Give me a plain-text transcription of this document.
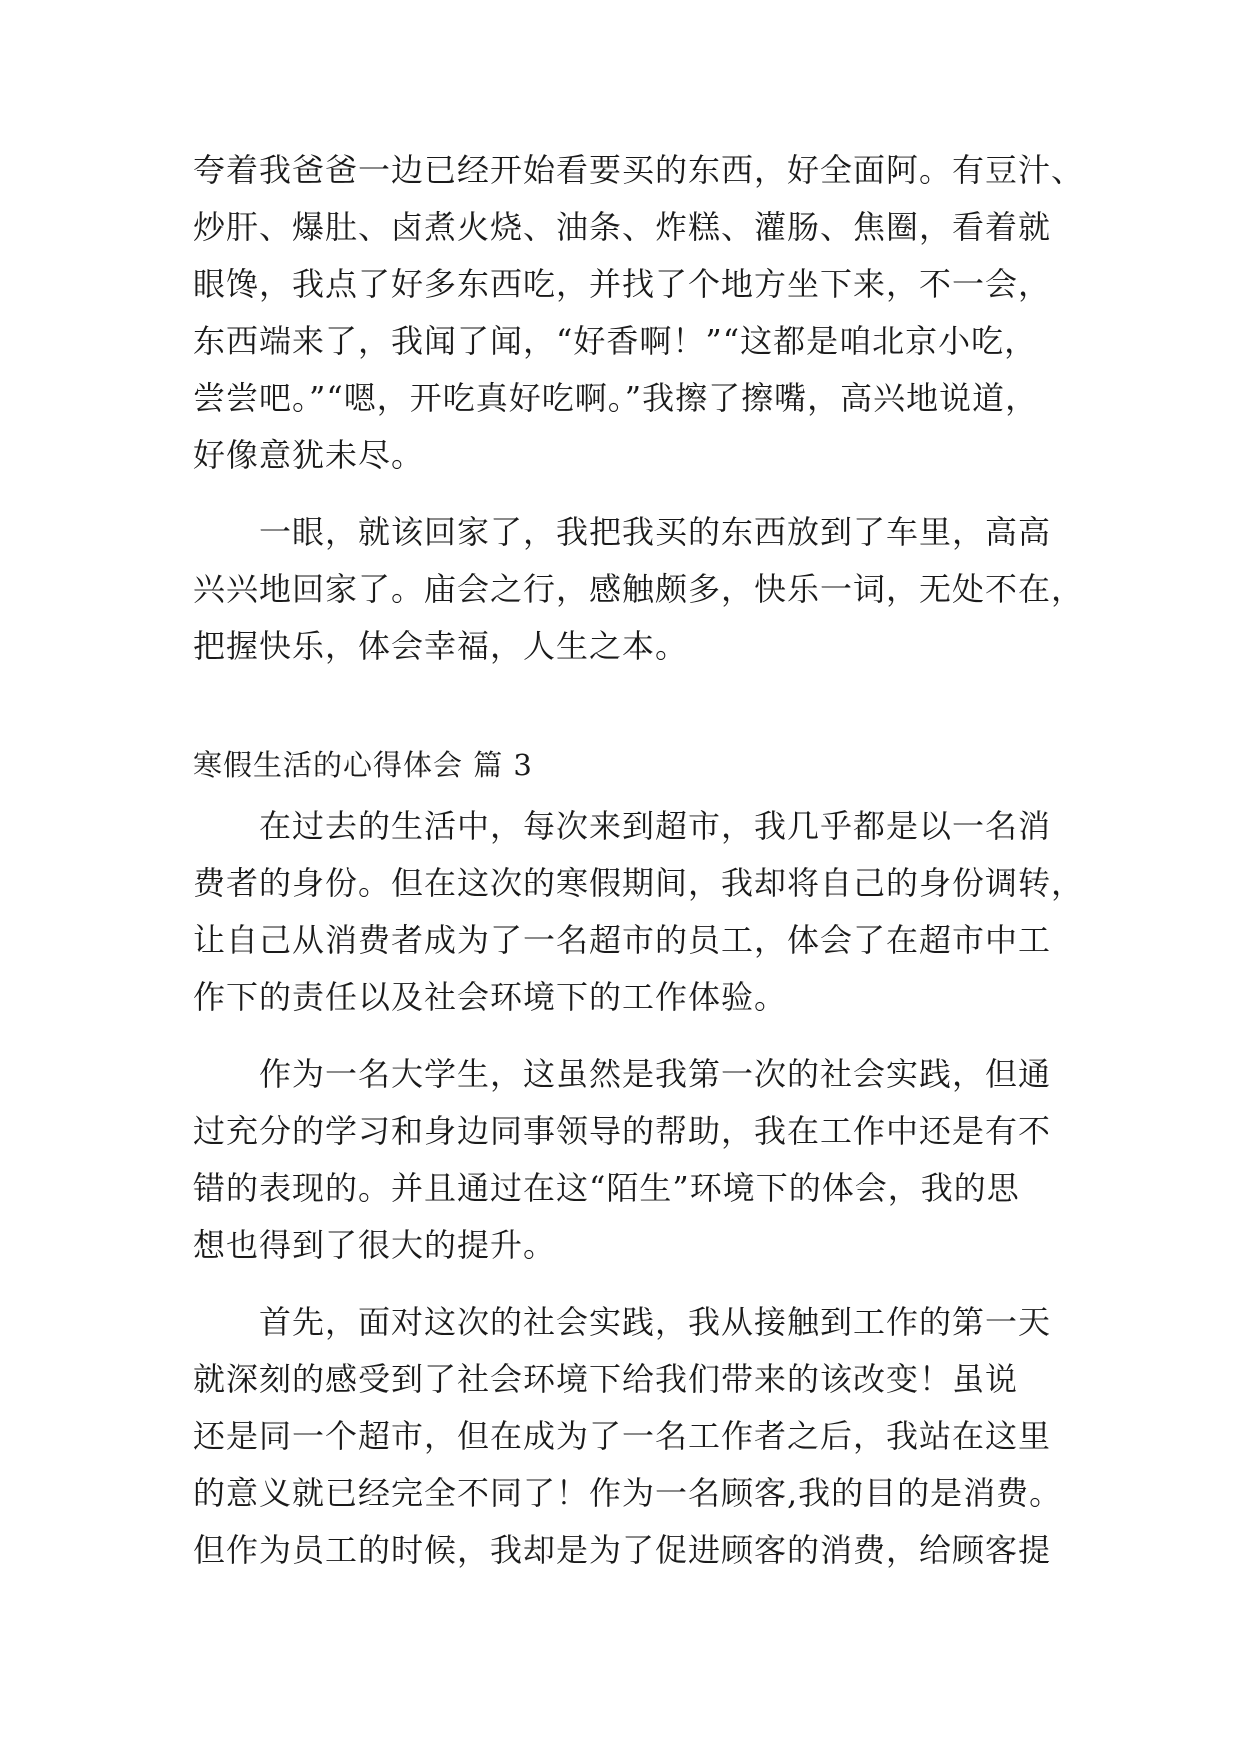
夸着我爸爸一边已经开始看要买的东西，好全面阿。有豆汁、
炒肝、爆肚、卤煮火烧、油条、炸糕、灌肠、焦圈，看着就
眼馋，我点了好多东西吃，并找了个地方坐下来，不一会，
东西端来了，我闻了闻，“好香啊！”“这都是咱北京小吃，
尝尝吧。”“嗯，开吃真好吃啊。”我擦了擦嘴，高兴地说道，
好像意犹未尽。
　　一眼，就该回家了，我把我买的东西放到了车里，高高
兴兴地回家了。庙会之行，感触颇多，快乐一词，无处不在，
把握快乐，体会幸福，人生之本。
寒假生活的心得体会 篇 3
　　在过去的生活中，每次来到超市，我几乎都是以一名消
费者的身份。但在这次的寒假期间，我却将自己的身份调转，
让自己从消费者成为了一名超市的员工，体会了在超市中工
作下的责任以及社会环境下的工作体验。
　　作为一名大学生，这虽然是我第一次的社会实践，但通
过充分的学习和身边同事领导的帮助，我在工作中还是有不
错的表现的。并且通过在这“陌生”环境下的体会，我的思
想也得到了很大的提升。
　　首先，面对这次的社会实践，我从接触到工作的第一天
就深刻的感受到了社会环境下给我们带来的该改变！虽说
还是同一个超市，但在成为了一名工作者之后，我站在这里
的意义就已经完全不同了！作为一名顾客,我的目的是消费。
但作为员工的时候，我却是为了促进顾客的消费，给顾客提
